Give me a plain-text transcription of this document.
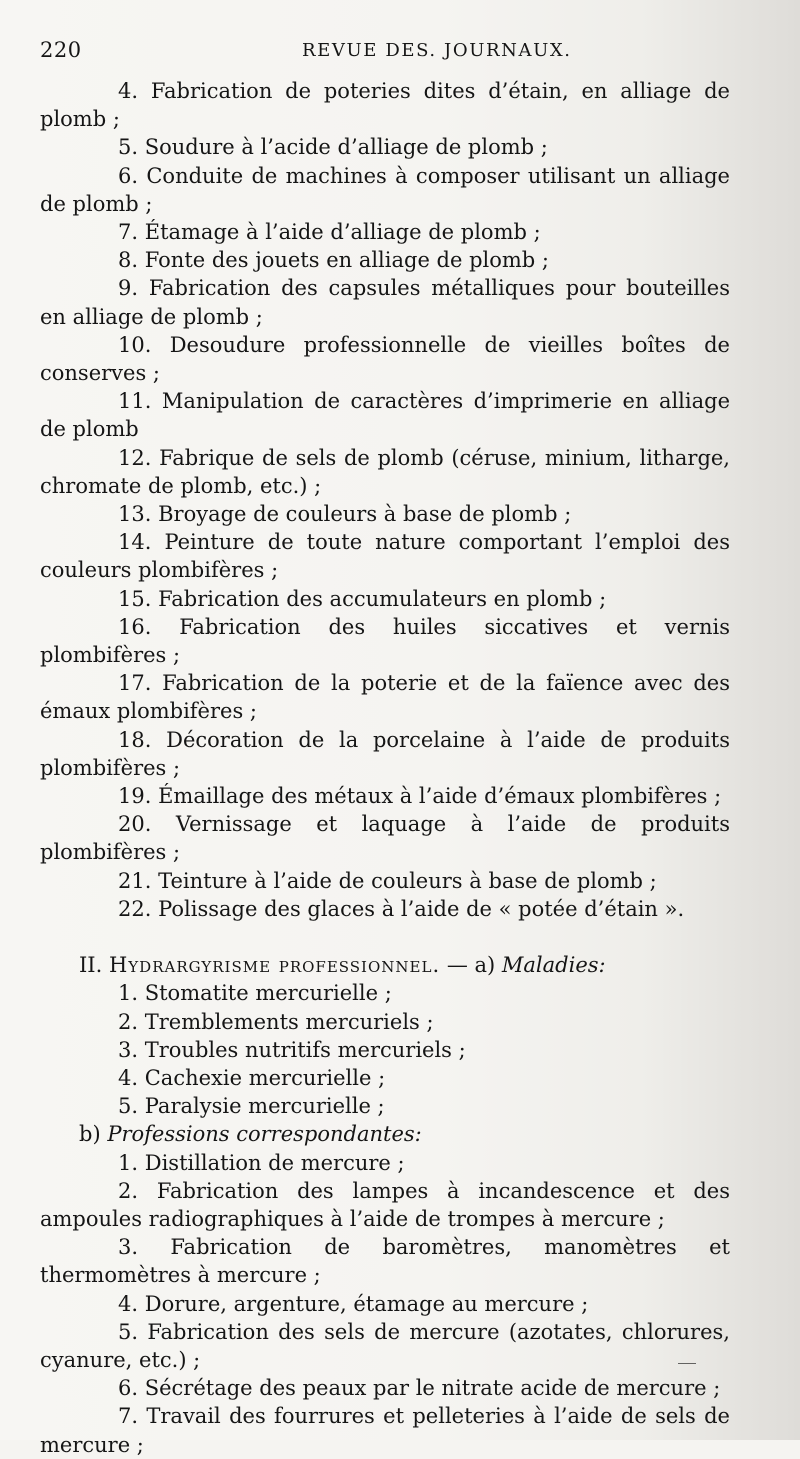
220	REVUE DES. JOURNAUX.

4. Fabrication de poteries dites d’étain, en alliage de plomb ;

5. Soudure à l’acide d’alliage de plomb ;

6. Conduite de machines à composer utilisant un alliage de plomb ;

7. Étamage à l’aide d’alliage de plomb ;

8. Fonte des jouets en alliage de plomb ;

9. Fabrication des capsules métalliques pour bouteilles en alliage de plomb ;

10. Desoudure professionnelle de vieilles boîtes de conserves ;

11. Manipulation de caractères d’imprimerie en alliage de plomb

12. Fabrique de sels de plomb (céruse, minium, litharge, chromate de plomb, etc.) ;

13. Broyage de couleurs à base de plomb ;

14. Peinture de toute nature comportant l’emploi des couleurs plombifères ;

15. Fabrication des accumulateurs en plomb ;

16. Fabrication des huiles siccatives et vernis plombifères ;

17. Fabrication de la poterie et de la faïence avec des émaux plombifères ;

18. Décoration de la porcelaine à l’aide de produits plombifères ;

19. Émaillage des métaux à l’aide d’émaux plombifères ;

20. Vernissage et laquage à l’aide de produits plombifères ;

21. Teinture à l’aide de couleurs à base de plomb ;

22. Polissage des glaces à l’aide de « potée d’étain ».

II. Hydrargyrisme professionnel. — a) Maladies:

1. Stomatite mercurielle ;

2. Tremblements mercuriels ;

3. Troubles nutritifs mercuriels ;

4. Cachexie mercurielle ;

5. Paralysie mercurielle ;

b) Professions correspondantes:

1. Distillation de mercure ;

2. Fabrication des lampes à incandescence et des ampoules radiographiques à l’aide de trompes à mercure ;

3. Fabrication de baromètres, manomètres et thermomètres à mercure ;

4. Dorure, argenture, étamage au mercure ;

5. Fabrication des sels de mercure (azotates, chlorures, cyanure, etc.) ;

6. Sécrétage des peaux par le nitrate acide de mercure ;

7. Travail des fourrures et pelleteries à l’aide de sels de mercure ;
